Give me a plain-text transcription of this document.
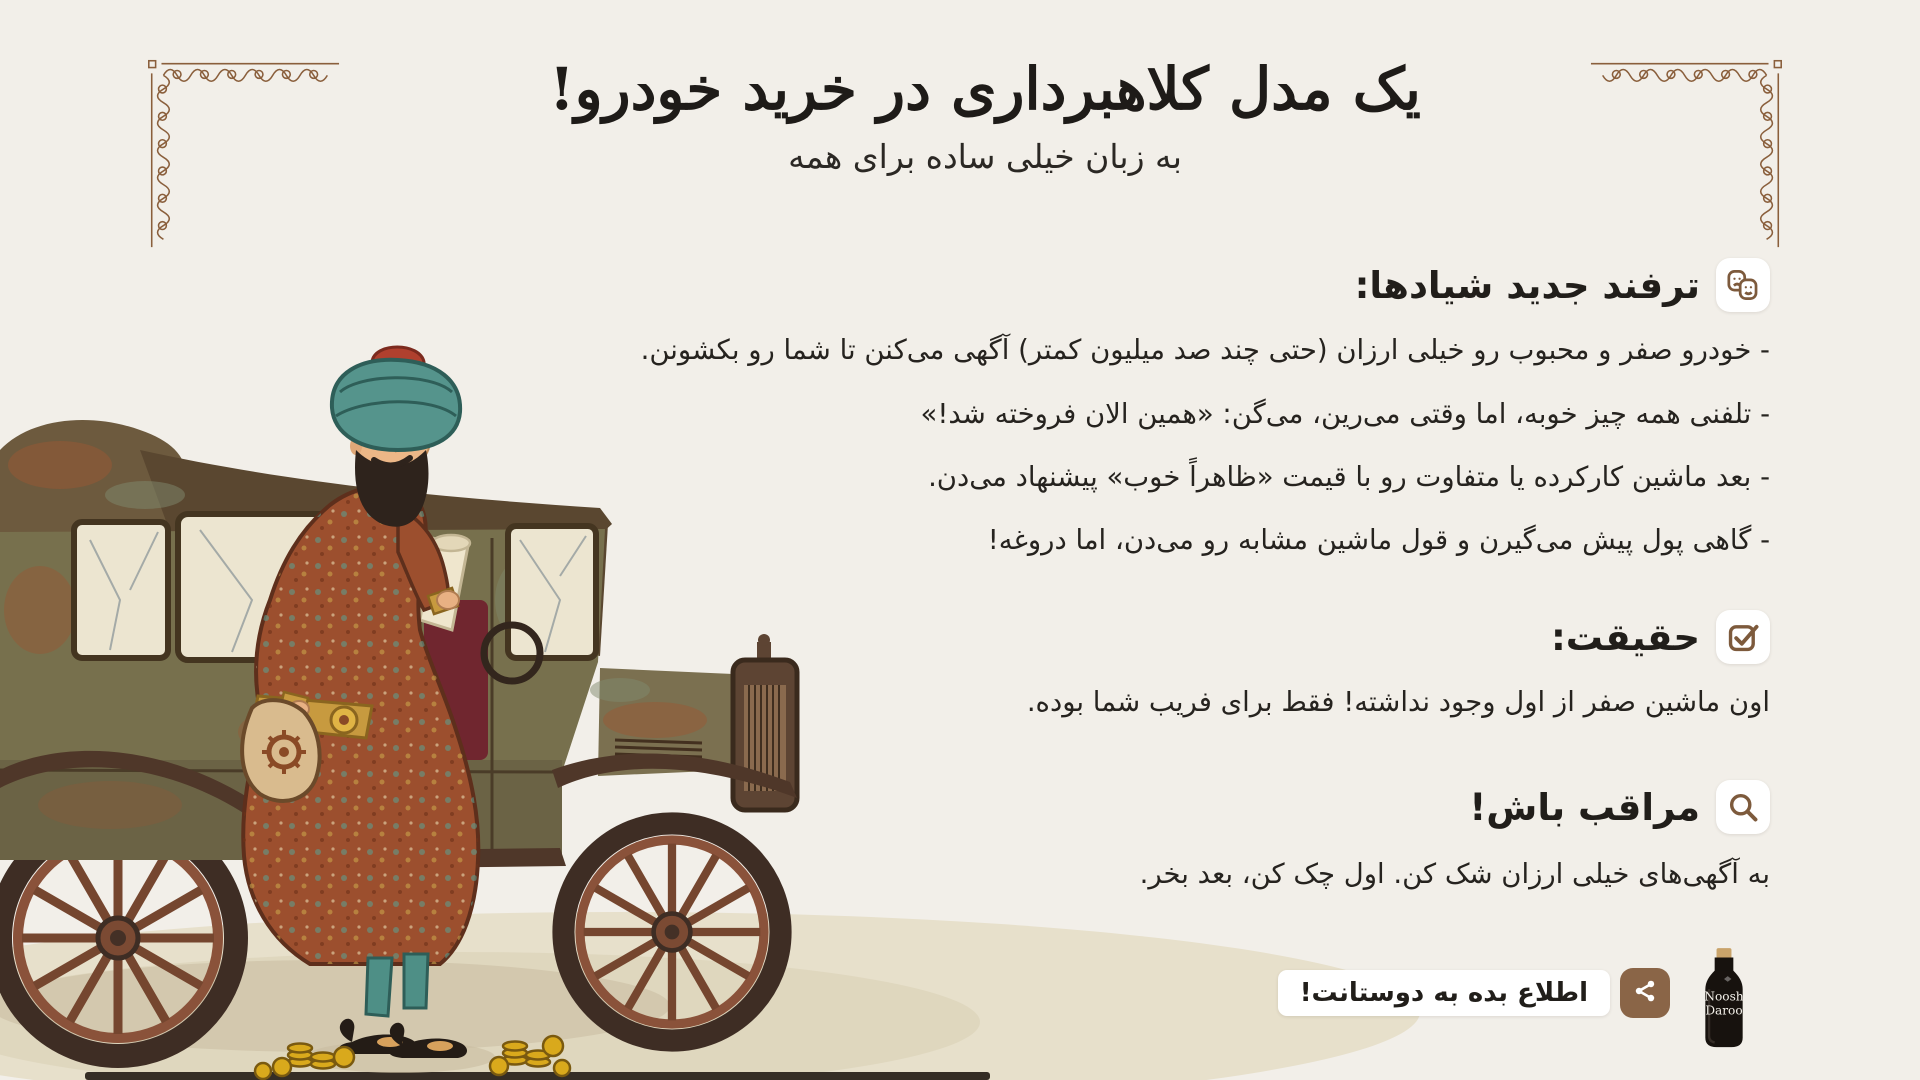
یک مدل کلاهبرداری در خرید خودرو!

به زبان خیلی ساده برای همه

ترفند جدید شیادها:
- خودرو صفر و محبوب رو خیلی ارزان (حتی چند صد میلیون کمتر) آگهی می‌کنن تا شما رو بکشونن.
- تلفنی همه چیز خوبه، اما وقتی می‌رین، می‌گن: «همین الان فروخته شد!»
- بعد ماشین کارکرده یا متفاوت رو با قیمت «ظاهراً خوب» پیشنهاد می‌دن.
- گاهی پول پیش می‌گیرن و قول ماشین مشابه رو می‌دن، اما دروغه!
حقیقت:
اون ماشین صفر از اول وجود نداشته! فقط برای فریب شما بوده.
مراقب باش!
به آگهی‌های خیلی ارزان شک کن. اول چک کن، بعد بخر.
اطلاع بده به دوستانت!	Noosh
Daroo
